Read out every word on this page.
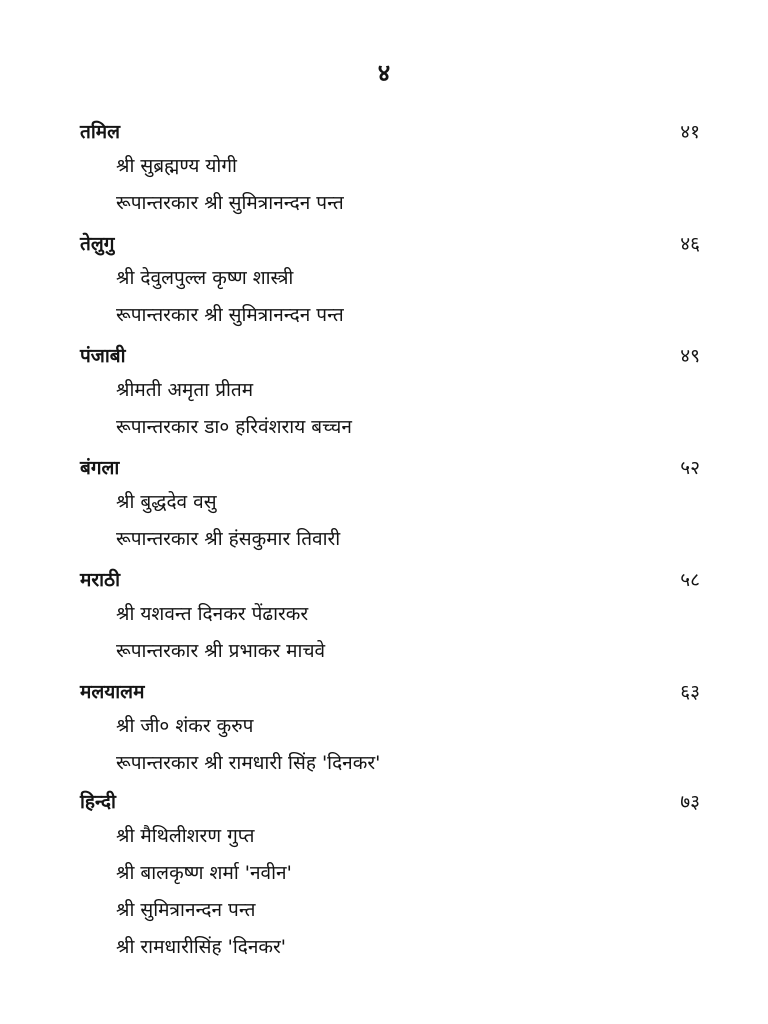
४
तमिल	४१
श्री सुब्रह्मण्य योगी
रूपान्तरकार श्री सुमित्रानन्दन पन्त
तेलुगु	४६
श्री देवुलपुल्ल कृष्ण शास्त्री
रूपान्तरकार श्री सुमित्रानन्दन पन्त
पंजाबी	४९
श्रीमती अमृता प्रीतम
रूपान्तरकार डा० हरिवंशराय बच्चन
बंगला	५२
श्री बुद्धदेव वसु
रूपान्तरकार श्री हंसकुमार तिवारी
मराठी	५८
श्री यशवन्त दिनकर पेंढारकर
रूपान्तरकार श्री प्रभाकर माचवे
मलयालम	६३
श्री जी० शंकर कुरुप
रूपान्तरकार श्री रामधारी सिंह 'दिनकर'
हिन्दी	७३
श्री मैथिलीशरण गुप्त
श्री बालकृष्ण शर्मा 'नवीन'
श्री सुमित्रानन्दन पन्त
श्री रामधारीसिंह 'दिनकर'
